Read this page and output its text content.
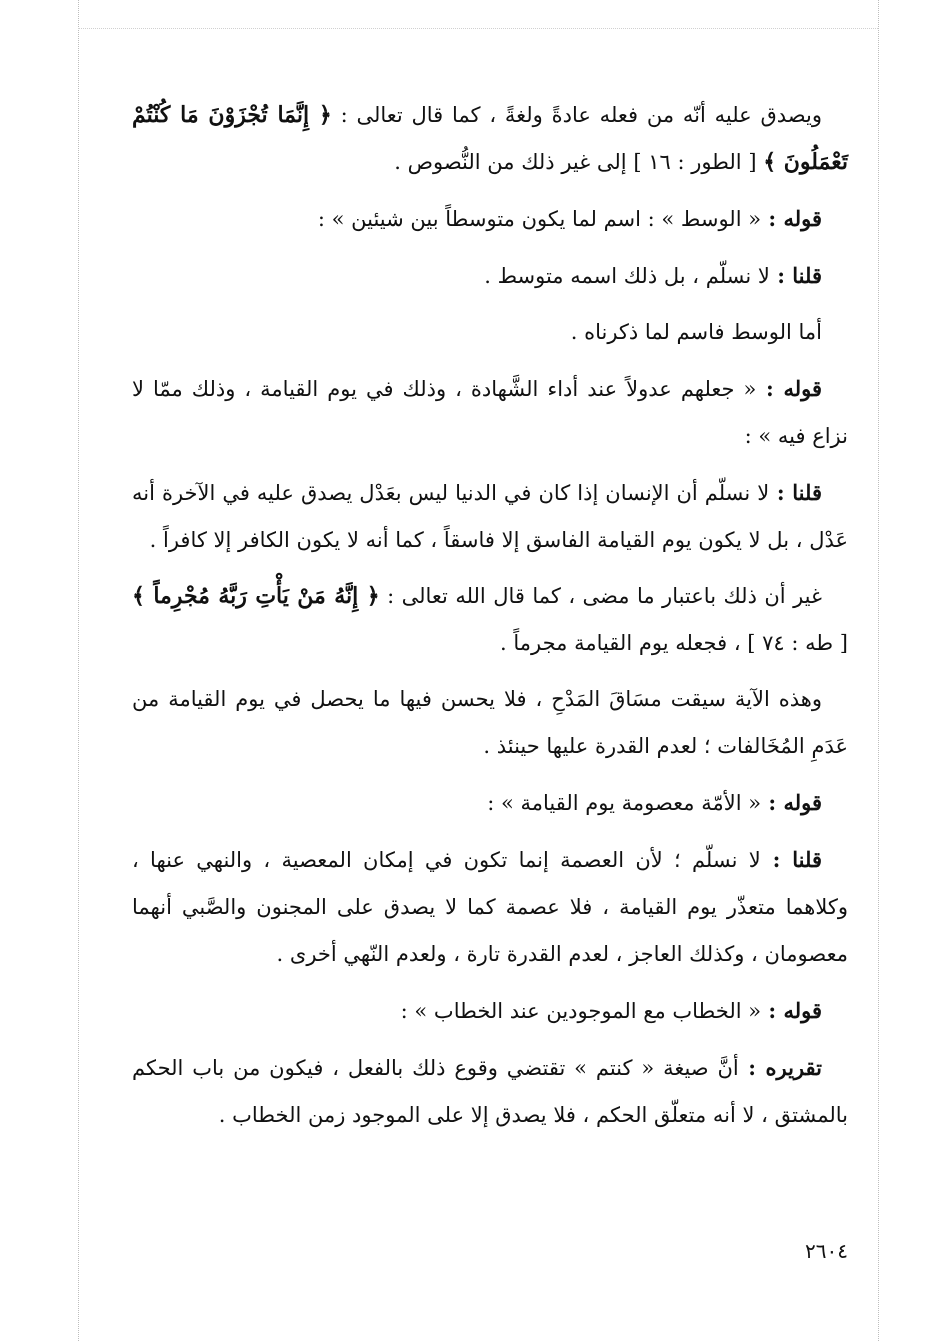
ويصدق عليه أنّه من فعله عادةً ولغةً ، كما قال تعالى : ﴿ إِنَّمَا تُجْزَوْنَ مَا كُنْتُمْ تَعْمَلُونَ ﴾ [ الطور : ١٦ ] إلى غير ذلك من النُّصوص .

قوله : « الوسط » : اسم لما يكون متوسطاً بين شيئين » :

قلنا : لا نسلّم ، بل ذلك اسمه متوسط .

أما الوسط فاسم لما ذكرناه .

قوله : « جعلهم عدولاً عند أداء الشَّهادة ، وذلك في يوم القيامة ، وذلك ممّا لا نزاع فيه » :

قلنا : لا نسلّم أن الإنسان إذا كان في الدنيا ليس بعَدْل يصدق عليه في الآخرة أنه عَدْل ، بل لا يكون يوم القيامة الفاسق إلا فاسقاً ، كما أنه لا يكون الكافر إلا كافراً .

غير أن ذلك باعتبار ما مضى ، كما قال الله تعالى : ﴿ إِنَّهُ مَنْ يَأْتِ رَبَّهُ مُجْرِماً ﴾ [ طه : ٧٤ ] ، فجعله يوم القيامة مجرماً .

وهذه الآية سيقت مسَاقَ المَدْحِ ، فلا يحسن فيها ما يحصل في يوم القيامة من عَدَمِ المُخَالفات ؛ لعدم القدرة عليها حينئذ .

قوله : « الأمّة معصومة يوم القيامة » :

قلنا : لا نسلّم ؛ لأن العصمة إنما تكون في إمكان المعصية ، والنهي عنها ، وكلاهما متعذّر يوم القيامة ، فلا عصمة كما لا يصدق على المجنون والصَّبي أنهما معصومان ، وكذلك العاجز ، لعدم القدرة تارة ، ولعدم النّهي أخرى .

قوله : « الخطاب مع الموجودين عند الخطاب » :

تقريره : أنَّ صيغة « كنتم » تقتضي وقوع ذلك بالفعل ، فيكون من باب الحكم بالمشتق ، لا أنه متعلّق الحكم ، فلا يصدق إلا على الموجود زمن الخطاب .

٢٦٠٤
